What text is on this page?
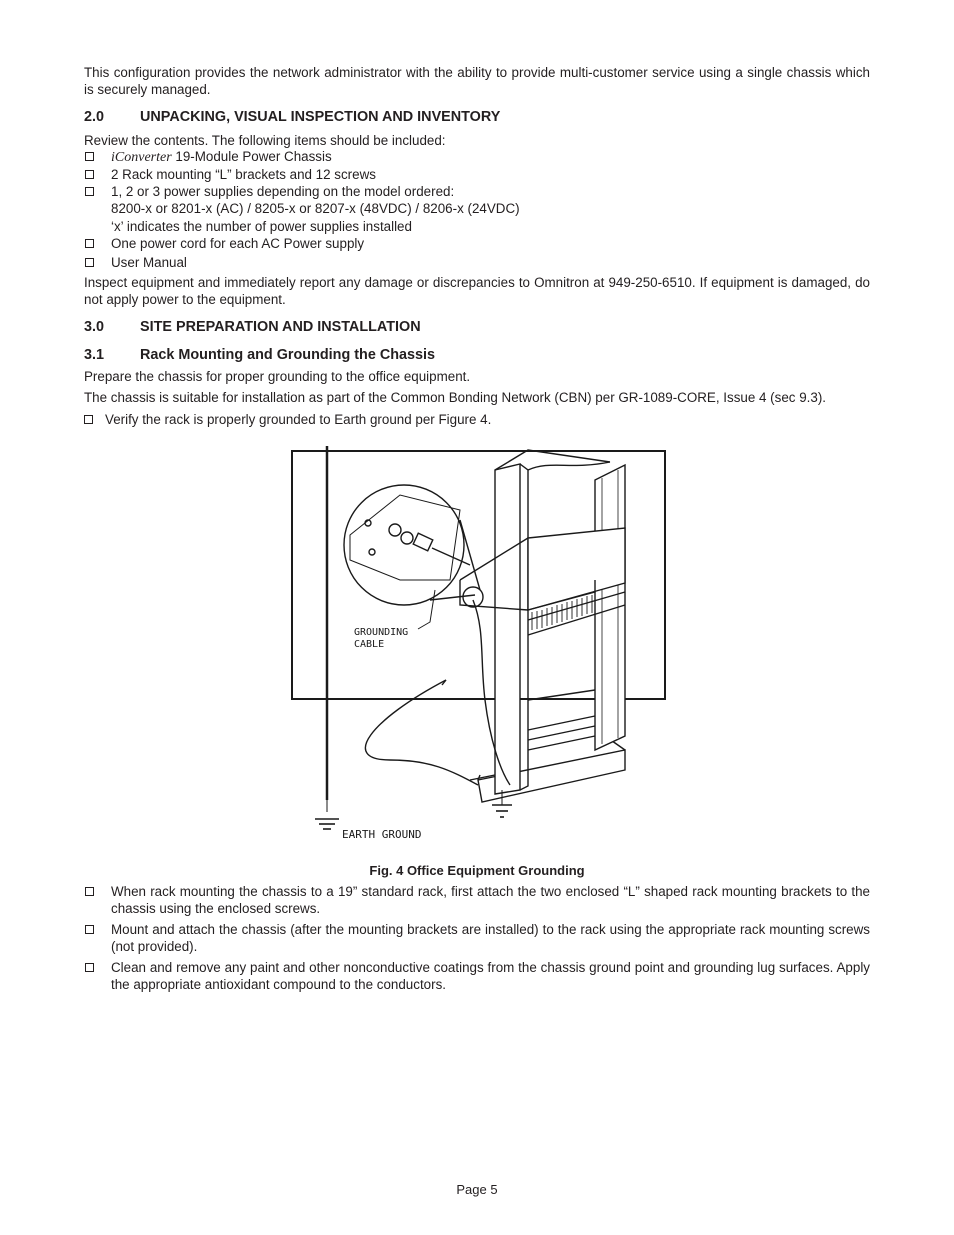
This configuration provides the network administrator with the ability to provide multi-customer service using a single chassis which is securely managed.

2.0	UNPACKING, VISUAL INSPECTION AND INVENTORY

Review the contents. The following items should be included:

iConverter 19-Module Power Chassis
2 Rack mounting “L” brackets and 12 screws
1, 2 or 3 power supplies depending on the model ordered:
8200-x or 8201-x (AC) / 8205-x or 8207-x (48VDC) / 8206-x (24VDC)
‘x’ indicates the number of power supplies installed
One power cord for each AC Power supply
User Manual

Inspect equipment and immediately report any damage or discrepancies to Omnitron at 949-250-6510. If equipment is damaged, do not apply power to the equipment.

3.0	SITE PREPARATION AND INSTALLATION
3.1	Rack Mounting and Grounding the Chassis

Prepare the chassis for proper grounding to the office equipment.

The chassis is suitable for installation as part of the Common Bonding Network (CBN) per GR-1089-CORE, Issue 4 (sec 9.3).

Verify the rack is properly grounded to Earth ground per Figure 4.
Fig. 4 Office Equipment Grounding
When rack mounting the chassis to a 19” standard rack, first attach the two enclosed “L” shaped rack mounting brackets to the chassis using the enclosed screws.
Mount and attach the chassis (after the mounting brackets are installed) to the rack using the appropriate rack mounting screws (not provided).
Clean and remove any paint and other nonconductive coatings from the chassis ground point and grounding lug surfaces. Apply the appropriate antioxidant compound to the conductors.
GROUNDING
CABLE
EARTH GROUND
Page 5
